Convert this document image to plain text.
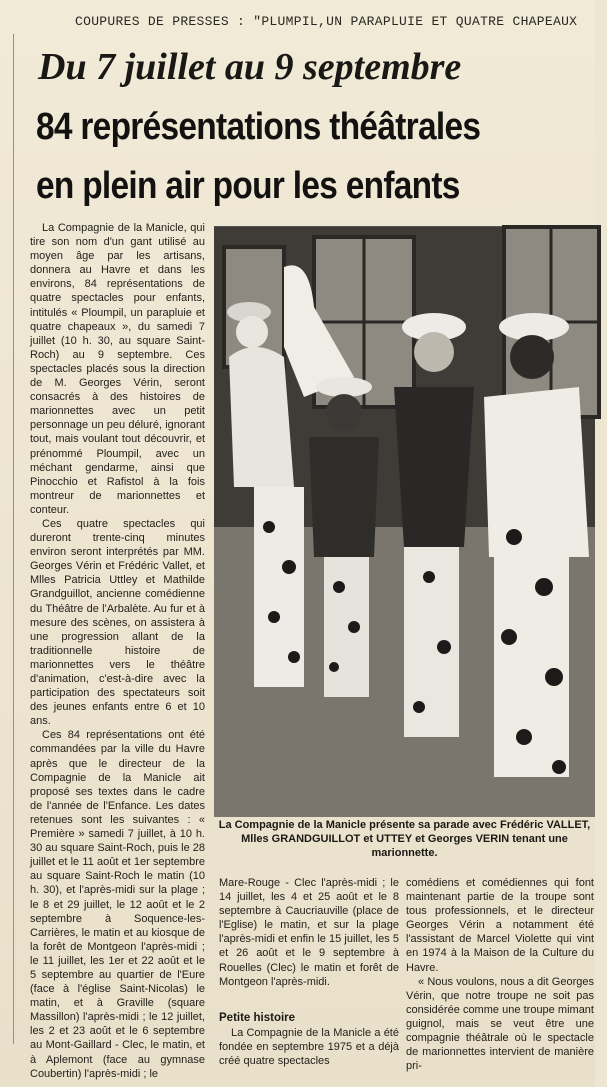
COUPURES DE PRESSES : "PLUMPIL,UN PARAPLUIE ET QUATRE CHAPEAUX
Du 7 juillet au 9 septembre
84 représentations théâtrales
en plein air pour les enfants

La Compagnie de la Manicle, qui tire son nom d'un gant utilisé au moyen âge par les artisans, donnera au Havre et dans les environs, 84 représentations de quatre spectacles pour enfants, intitulés « Ploumpil, un parapluie et quatre chapeaux », du samedi 7 juillet (10 h. 30, au square Saint-Roch) au 9 septembre. Ces spectacles placés sous la direction de M. Georges Vérin, seront consacrés à des histoires de marionnettes avec un petit personnage un peu déluré, ignorant tout, mais voulant tout découvrir, et prénommé Ploumpil, avec un méchant gendarme, ainsi que Pinocchio et Rafistol à la fois montreur de marionnettes et conteur.

Ces quatre spectacles qui dureront trente-cinq minutes environ seront interprétés par MM. Georges Vérin et Frédéric Vallet, et Mlles Patricia Uttley et Mathilde Grandguillot, ancienne comédienne du Théâtre de l'Arbalète. Au fur et à mesure des scènes, on assistera à une progression allant de la traditionnelle histoire de marionnettes vers le théâtre d'animation, c'est-à-dire avec la participation des spectateurs soit des jeunes enfants entre 6 et 10 ans.

Ces 84 représentations ont été commandées par la ville du Havre après que le directeur de la Compagnie de la Manicle ait proposé ses textes dans le cadre de l'année de l'Enfance. Les dates retenues sont les suivantes : « Première » samedi 7 juillet, à 10 h. 30 au square Saint-Roch, puis le 28 juillet et le 11 août et 1er septembre au square Saint-Roch le matin (10 h. 30), et l'après-midi sur la plage ; le 8 et 29 juillet, le 12 août et le 2 septembre à Soquence-les-Carrières, le matin et au kiosque de la forêt de Montgeon l'après-midi ; le 11 juillet, les 1er et 22 août et le 5 septembre au quartier de l'Eure (face à l'église Saint-Nicolas) le matin, et à Graville (square Massillon) l'après-midi ; le 12 juillet, les 2 et 23 août et le 6 septembre au Mont-Gaillard - Clec, le matin, et à Aplemont (face au gymnase Coubertin) l'après-midi ; le

La Compagnie de la Manicle présente sa parade avec Frédéric VALLET, Mlles GRANDGUILLOT et UTTEY et Georges VERIN tenant une marionnette.

Mare-Rouge - Clec l'après-midi ; le 14 juillet, les 4 et 25 août et le 8 septembre à Caucriauville (place de l'Eglise) le matin, et sur la plage l'après-midi et enfin le 15 juillet, les 5 et 26 août et le 9 septembre à Rouelles (Clec) le matin et forêt de Montgeon l'après-midi.

Petite histoire

La Compagnie de la Manicle a été fondée en septembre 1975 et a déjà créé quatre spectacles

comédiens et comédiennes qui font maintenant partie de la troupe sont tous professionnels, et le directeur Georges Vérin a notamment été l'assistant de Marcel Violette qui vint en 1974 à la Maison de la Culture du Havre.

« Nous voulons, nous a dit Georges Vérin, que notre troupe ne soit pas considérée comme une troupe mimant guignol, mais se veut être une compagnie théâtrale où le spectacle de marionnettes intervient de manière pri-
